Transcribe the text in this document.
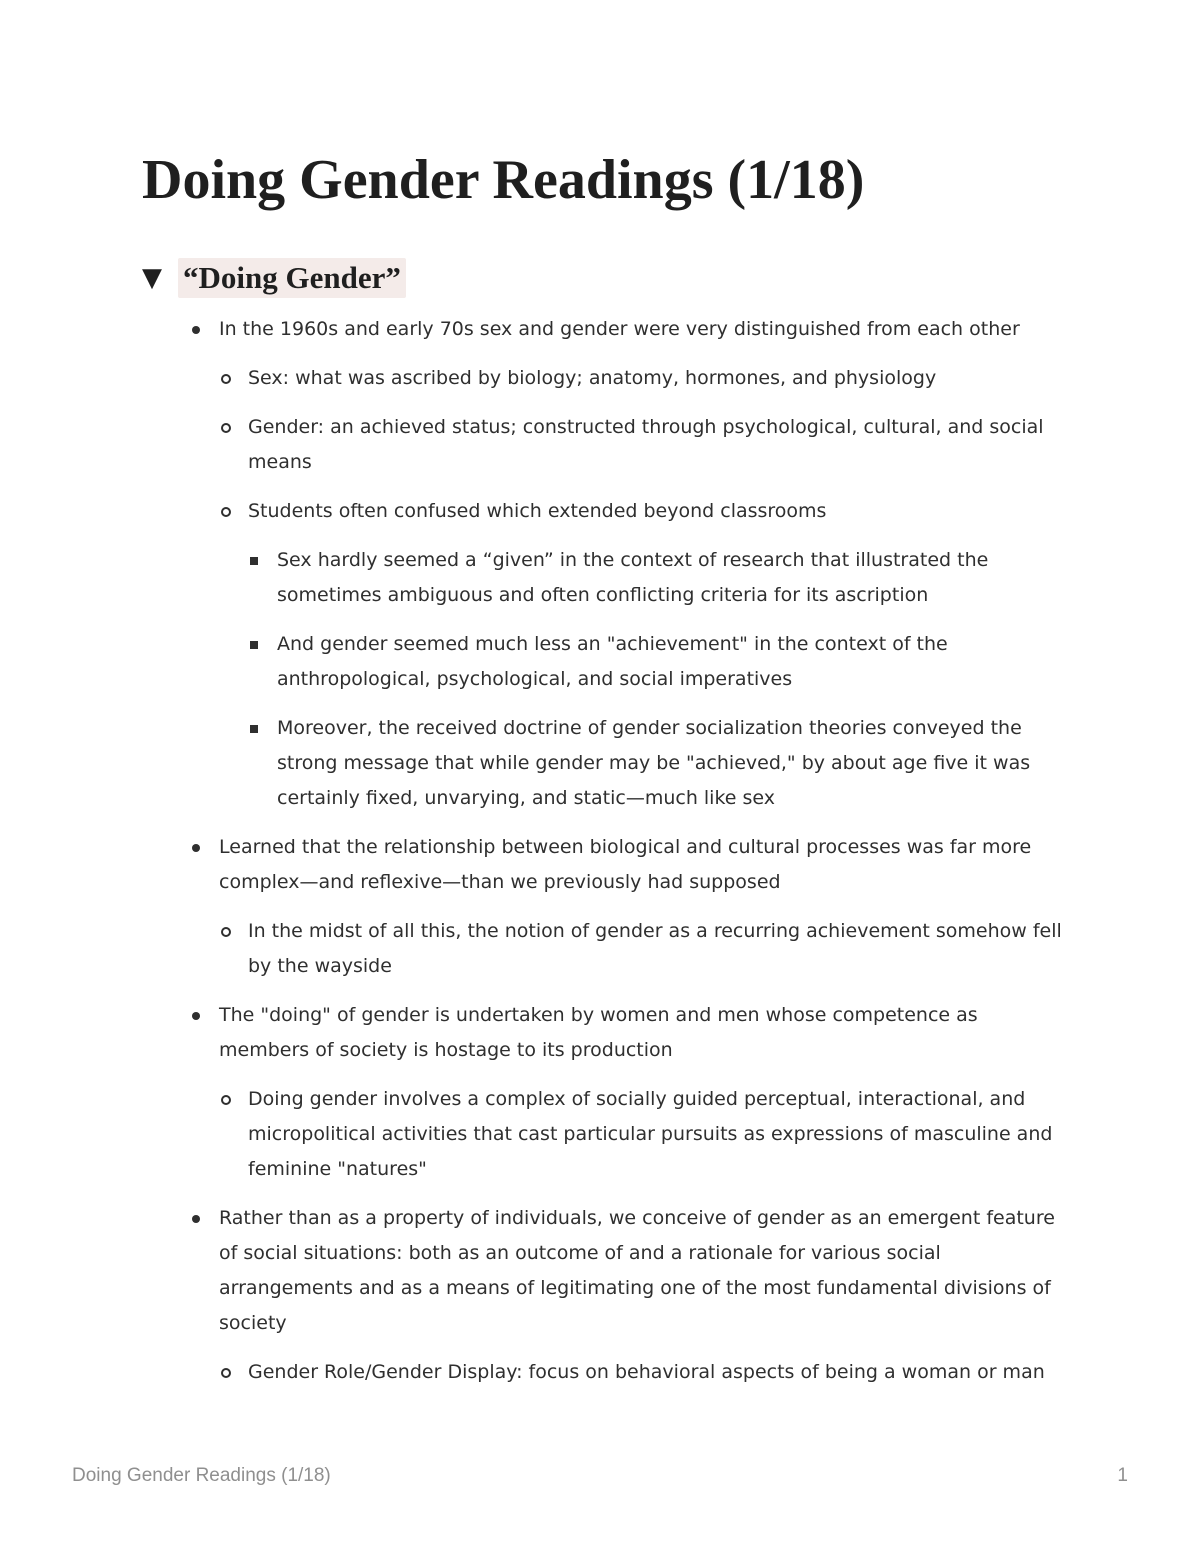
Doing Gender Readings (1/18)
▼ “Doing Gender”
In the 1960s and early 70s sex and gender were very distinguished from each other
Sex: what was ascribed by biology; anatomy, hormones, and physiology
Gender: an achieved status; constructed through psychological, cultural, and social means
Students often confused which extended beyond classrooms
Sex hardly seemed a “given” in the context of research that illustrated the sometimes ambiguous and often conflicting criteria for its ascription
And gender seemed much less an "achievement" in the context of the anthropological, psychological, and social imperatives
Moreover, the received doctrine of gender socialization theories conveyed the strong message that while gender may be "achieved," by about age five it was certainly fixed, unvarying, and static—much like sex
Learned that the relationship between biological and cultural processes was far more complex—and reflexive—than we previously had supposed
In the midst of all this, the notion of gender as a recurring achievement somehow fell by the wayside
The "doing" of gender is undertaken by women and men whose competence as members of society is hostage to its production
Doing gender involves a complex of socially guided perceptual, interactional, and micropolitical activities that cast particular pursuits as expressions of masculine and feminine "natures"
Rather than as a property of individuals, we conceive of gender as an emergent feature of social situations: both as an outcome of and a rationale for various social arrangements and as a means of legitimating one of the most fundamental divisions of society
Gender Role/Gender Display: focus on behavioral aspects of being a woman or man
Doing Gender Readings (1/18)	1
